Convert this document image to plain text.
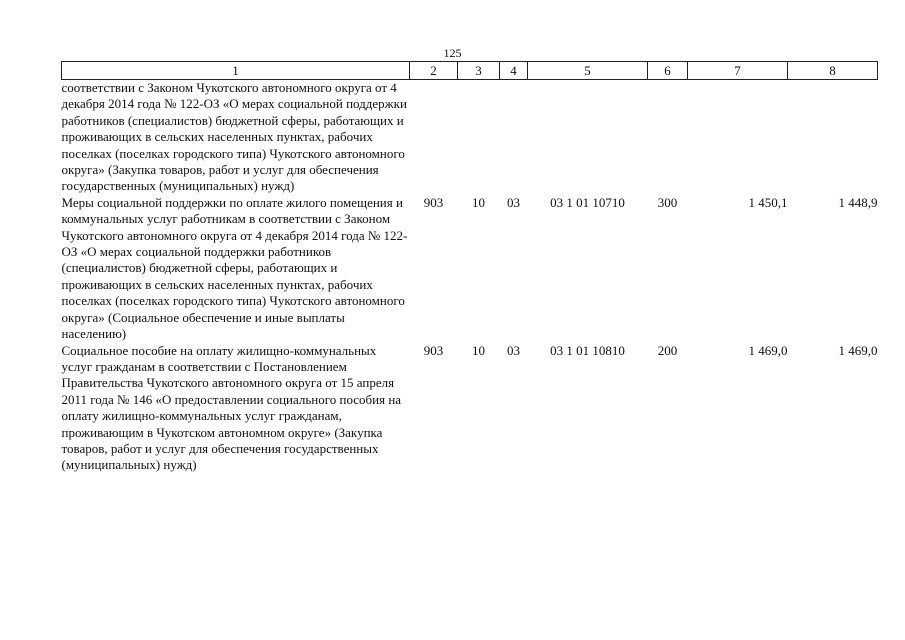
125
1	2	3	4	5	6	7	8
соответствии с Законом Чукотского автономного округа от 4 декабря 2014 года № 122-ОЗ «О мерах социальной поддержки работников (специалистов) бюджетной сферы, работающих и проживающих в сельских населенных пунктах, рабочих поселках (поселках городского типа) Чукотского автономного округа» (Закупка товаров, работ и услуг для обеспечения государственных (муниципальных) нужд)							
Меры социальной поддержки по оплате жилого помещения и коммунальных услуг работникам в соответствии с Законом Чукотского автономного округа от 4 декабря 2014 года № 122-ОЗ «О мерах социальной поддержки работников (специалистов) бюджетной сферы, работающих и проживающих в сельских населенных пунктах, рабочих поселках (поселках городского типа) Чукотского автономного округа» (Социальное обеспечение и иные выплаты населению)	903	10	03	03 1 01 10710	300	1 450,1	1 448,9
Социальное пособие на оплату жилищно-коммунальных услуг гражданам в соответствии с Постановлением Правительства Чукотского автономного округа от 15 апреля 2011 года № 146 «О предоставлении социального пособия на оплату жилищно-коммунальных услуг гражданам, проживающим в Чукотском автономном округе» (Закупка товаров, работ и услуг для обеспечения государственных (муниципальных) нужд)	903	10	03	03 1 01 10810	200	1 469,0	1 469,0
